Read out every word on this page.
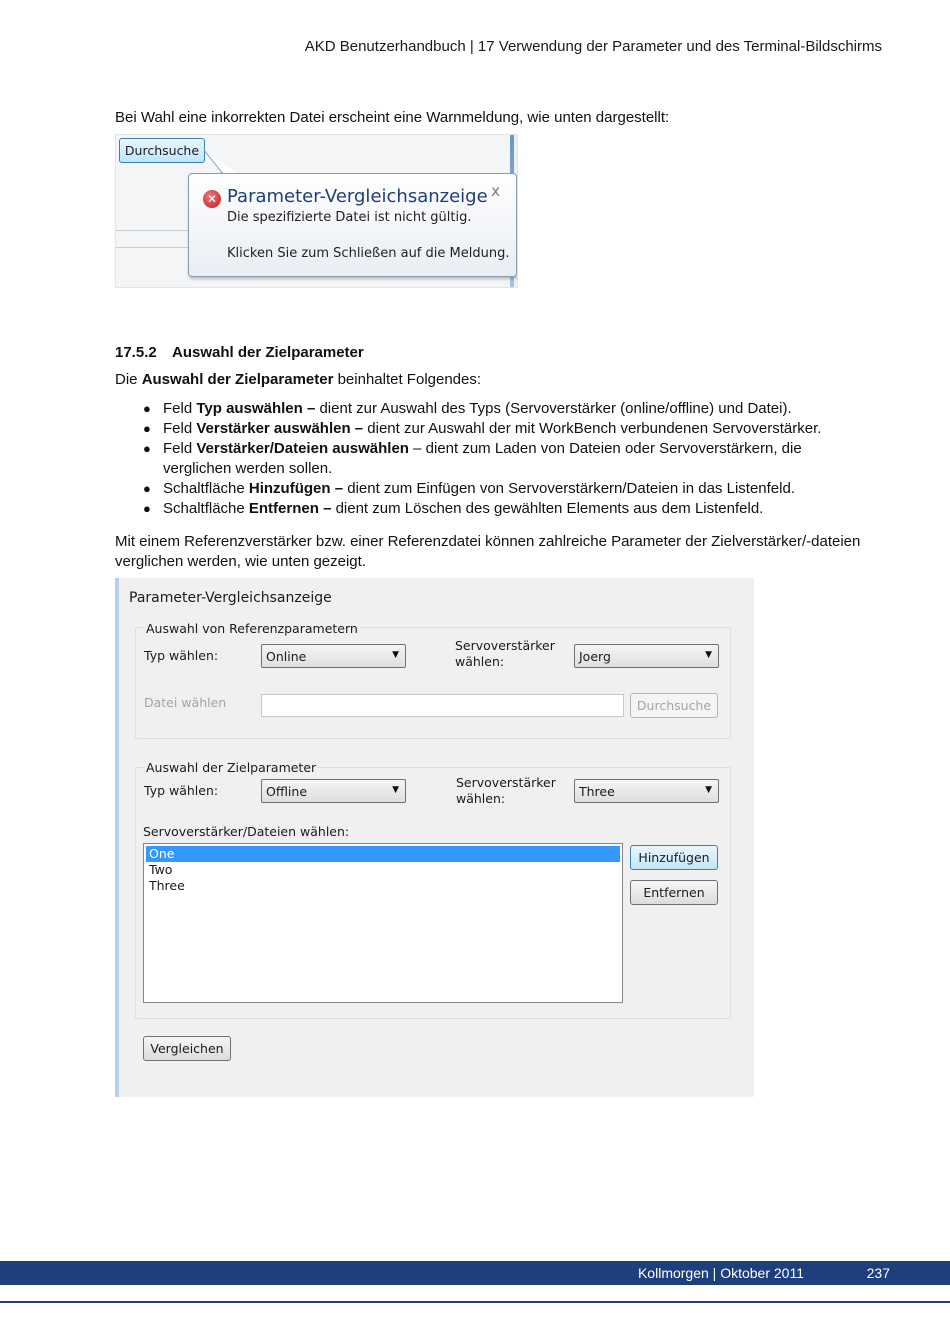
AKD Benutzerhandbuch | 17 Verwendung der Parameter und des Terminal-Bildschirms
Bei Wahl eine inkorrekten Datei erscheint eine Warnmeldung, wie unten dargestellt:
Durchsuche
✕ Parameter-Vergleichsanzeige x
Die spezifizierte Datei ist nicht gültig.
Klicken Sie zum Schließen auf die Meldung.
17.5.2 Auswahl der Zielparameter
Die Auswahl der Zielparameter beinhaltet Folgendes:
● Feld Typ auswählen – dient zur Auswahl des Typs (Servoverstärker (online/offline) und Datei).
● Feld Verstärker auswählen – dient zur Auswahl der mit WorkBench verbundenen Servoverstärker.
● Feld Verstärker/Dateien auswählen – dient zum Laden von Dateien oder Servoverstärkern, die verglichen werden sollen.
● Schaltfläche Hinzufügen – dient zum Einfügen von Servoverstärkern/Dateien in das Listenfeld.
● Schaltfläche Entfernen – dient zum Löschen des gewählten Elements aus dem Listenfeld.
Mit einem Referenzverstärker bzw. einer Referenzdatei können zahlreiche Parameter der Zielverstärker/-dateien verglichen werden, wie unten gezeigt.
Parameter-Vergleichsanzeige
Auswahl von Referenzparametern
Typ wählen:	Online	▼
Servoverstärker
wählen:	Joerg	▼
Datei wählen	Durchsuche
Auswahl der Zielparameter
Typ wählen:	Offline	▼	Servoverstärker
wählen:	Three	▼
Servoverstärker/Dateien wählen:
One
Two
Three
Hinzufügen
Entfernen
Vergleichen
Kollmorgen | Oktober 2011	237
